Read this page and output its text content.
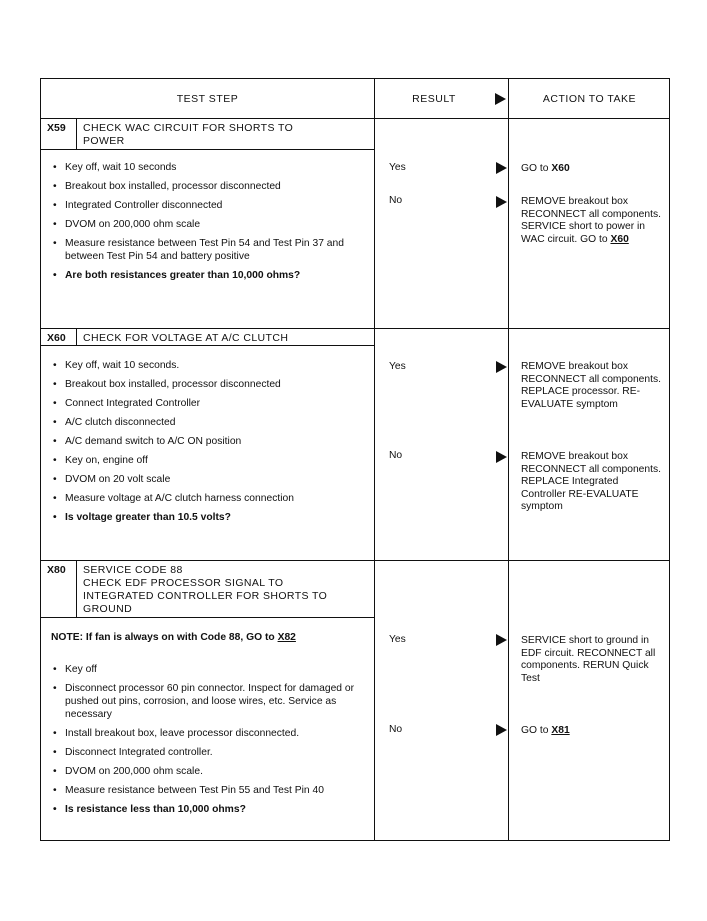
TEST STEP	RESULT	ACTION TO TAKE
X59	CHECK WAC CIRCUIT FOR SHORTS TO
POWER
• Key off, wait 10 seconds
• Breakout box installed, processor disconnected
• Integrated Controller disconnected
• DVOM on 200,000 ohm scale
• Measure resistance between Test Pin 54 and Test Pin 37 and between Test Pin 54 and battery positive
• Are both resistances greater than 10,000 ohms?
Yes	GO to X60
No	REMOVE breakout box RECONNECT all components. SERVICE short to power in WAC circuit. GO to X60
X60	CHECK FOR VOLTAGE AT A/C CLUTCH
• Key off, wait 10 seconds.
• Breakout box installed, processor disconnected
• Connect Integrated Controller
• A/C clutch disconnected
• A/C demand switch to A/C ON position
• Key on, engine off
• DVOM on 20 volt scale
• Measure voltage at A/C clutch harness connection
• Is voltage greater than 10.5 volts?
Yes	REMOVE breakout box RECONNECT all components. REPLACE processor. RE-EVALUATE symptom
No	REMOVE breakout box RECONNECT all components. REPLACE Integrated Controller RE-EVALUATE symptom
X80	SERVICE CODE 88
CHECK EDF PROCESSOR SIGNAL TO
INTEGRATED CONTROLLER FOR SHORTS TO
GROUND
NOTE: If fan is always on with Code 88, GO to X82
• Key off
• Disconnect processor 60 pin connector. Inspect for damaged or pushed out pins, corrosion, and loose wires, etc. Service as necessary
• Install breakout box, leave processor disconnected.
• Disconnect Integrated controller.
• DVOM on 200,000 ohm scale.
• Measure resistance between Test Pin 55 and Test Pin 40
• Is resistance less than 10,000 ohms?
Yes	SERVICE short to ground in EDF circuit. RECONNECT all components. RERUN Quick Test
No	GO to X81
